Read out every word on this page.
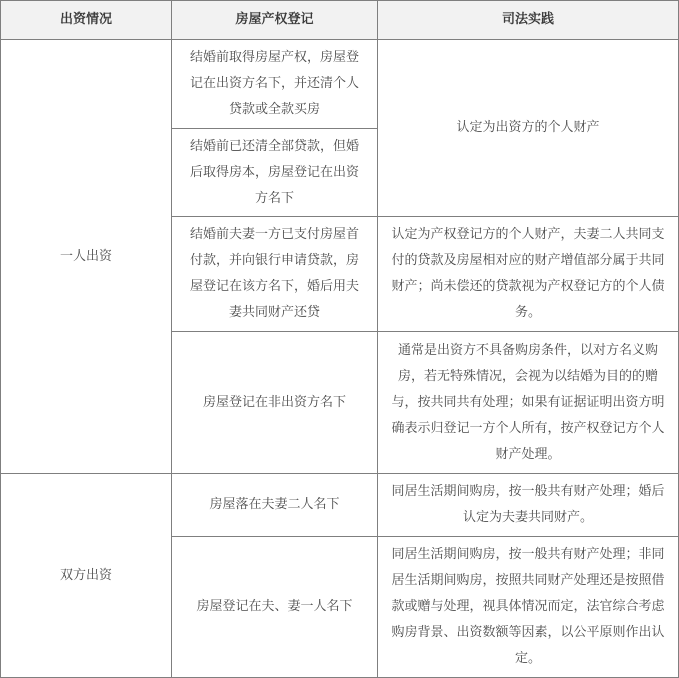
出资情况	房屋产权登记	司法实践
一人出资	结婚前取得房屋产权，房屋登记在出资方名下，并还清个人贷款或全款买房	认定为出资方的个人财产
	结婚前已还清全部贷款，但婚后取得房本，房屋登记在出资方名下	
	结婚前夫妻一方已支付房屋首付款，并向银行申请贷款，房屋登记在该方名下，婚后用夫妻共同财产还贷	认定为产权登记方的个人财产，夫妻二人共同支付的贷款及房屋相对应的财产增值部分属于共同财产；尚未偿还的贷款视为产权登记方的个人债务。
	房屋登记在非出资方名下	通常是出资方不具备购房条件，以对方名义购房，若无特殊情况，会视为以结婚为目的的赠与，按共同共有处理；如果有证据证明出资方明确表示归登记一方个人所有，按产权登记方个人财产处理。
双方出资	房屋落在夫妻二人名下	同居生活期间购房，按一般共有财产处理；婚后认定为夫妻共同财产。
	房屋登记在夫、妻一人名下	同居生活期间购房，按一般共有财产处理；非同居生活期间购房，按照共同财产处理还是按照借款或赠与处理，视具体情况而定，法官综合考虑购房背景、出资数额等因素，以公平原则作出认定。
